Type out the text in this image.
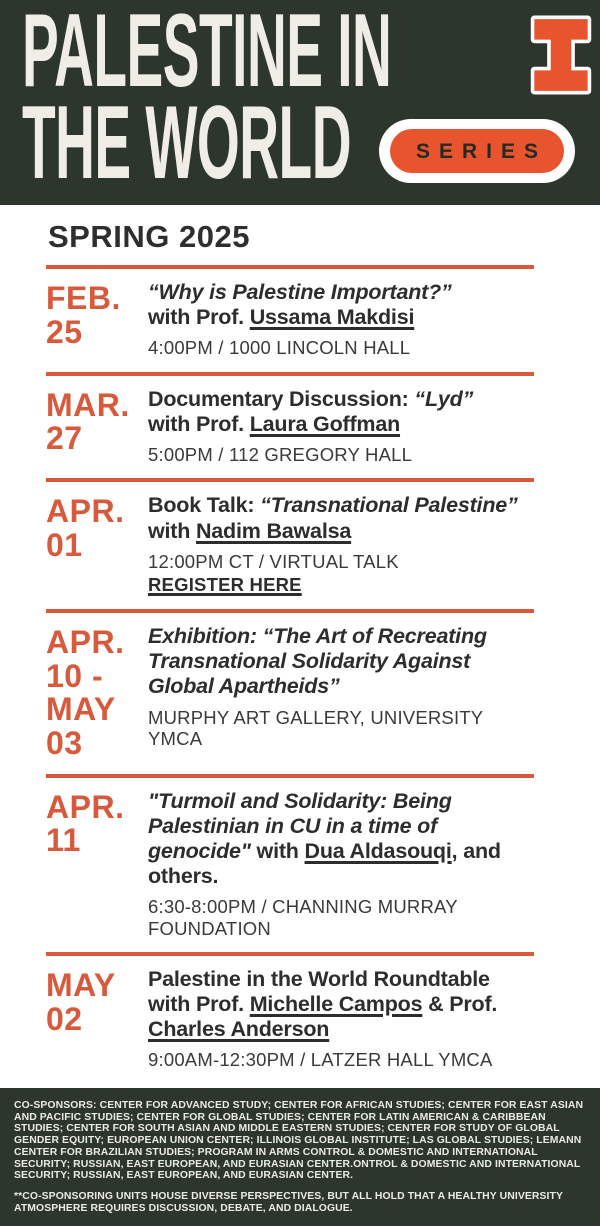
PALESTINE IN
THE WORLD	SERIES
SPRING 2025
FEB.
25

“Why is Palestine Important?”
with Prof. Ussama Makdisi

4:00PM / 1000 LINCOLN HALL

MAR.
27

Documentary Discussion: “Lyd”
with Prof. Laura Goffman

5:00PM / 112 GREGORY HALL

APR.
01

Book Talk: “Transnational Palestine”
with Nadim Bawalsa

12:00PM CT / VIRTUAL TALK

REGISTER HERE
APR.
10 -
MAY
03

Exhibition: “The Art of Recreating Transnational Solidarity Against Global Apartheids”

MURPHY ART GALLERY, UNIVERSITY YMCA

APR.
11

"Turmoil and Solidarity: Being Palestinian in CU in a time of genocide" with Dua Aldasouqi, and others.

6:30-8:00PM / CHANNING MURRAY FOUNDATION

MAY
02

Palestine in the World Roundtable with Prof. Michelle Campos & Prof. Charles Anderson

9:00AM-12:30PM / LATZER HALL YMCA

CO-SPONSORS: CENTER FOR ADVANCED STUDY; CENTER FOR AFRICAN STUDIES; CENTER FOR EAST ASIAN AND PACIFIC STUDIES; CENTER FOR GLOBAL STUDIES; CENTER FOR LATIN AMERICAN & CARIBBEAN STUDIES; CENTER FOR SOUTH ASIAN AND MIDDLE EASTERN STUDIES; CENTER FOR STUDY OF GLOBAL GENDER EQUITY; EUROPEAN UNION CENTER; ILLINOIS GLOBAL INSTITUTE; LAS GLOBAL STUDIES; LEMANN CENTER FOR BRAZILIAN STUDIES; PROGRAM IN ARMS CONTROL & DOMESTIC AND INTERNATIONAL SECURITY; RUSSIAN, EAST EUROPEAN, AND EURASIAN CENTER.ONTROL & DOMESTIC AND INTERNATIONAL SECURITY; RUSSIAN, EAST EUROPEAN, AND EURASIAN CENTER.

**CO-SPONSORING UNITS HOUSE DIVERSE PERSPECTIVES, BUT ALL HOLD THAT A HEALTHY UNIVERSITY ATMOSPHERE REQUIRES DISCUSSION, DEBATE, AND DIALOGUE.
